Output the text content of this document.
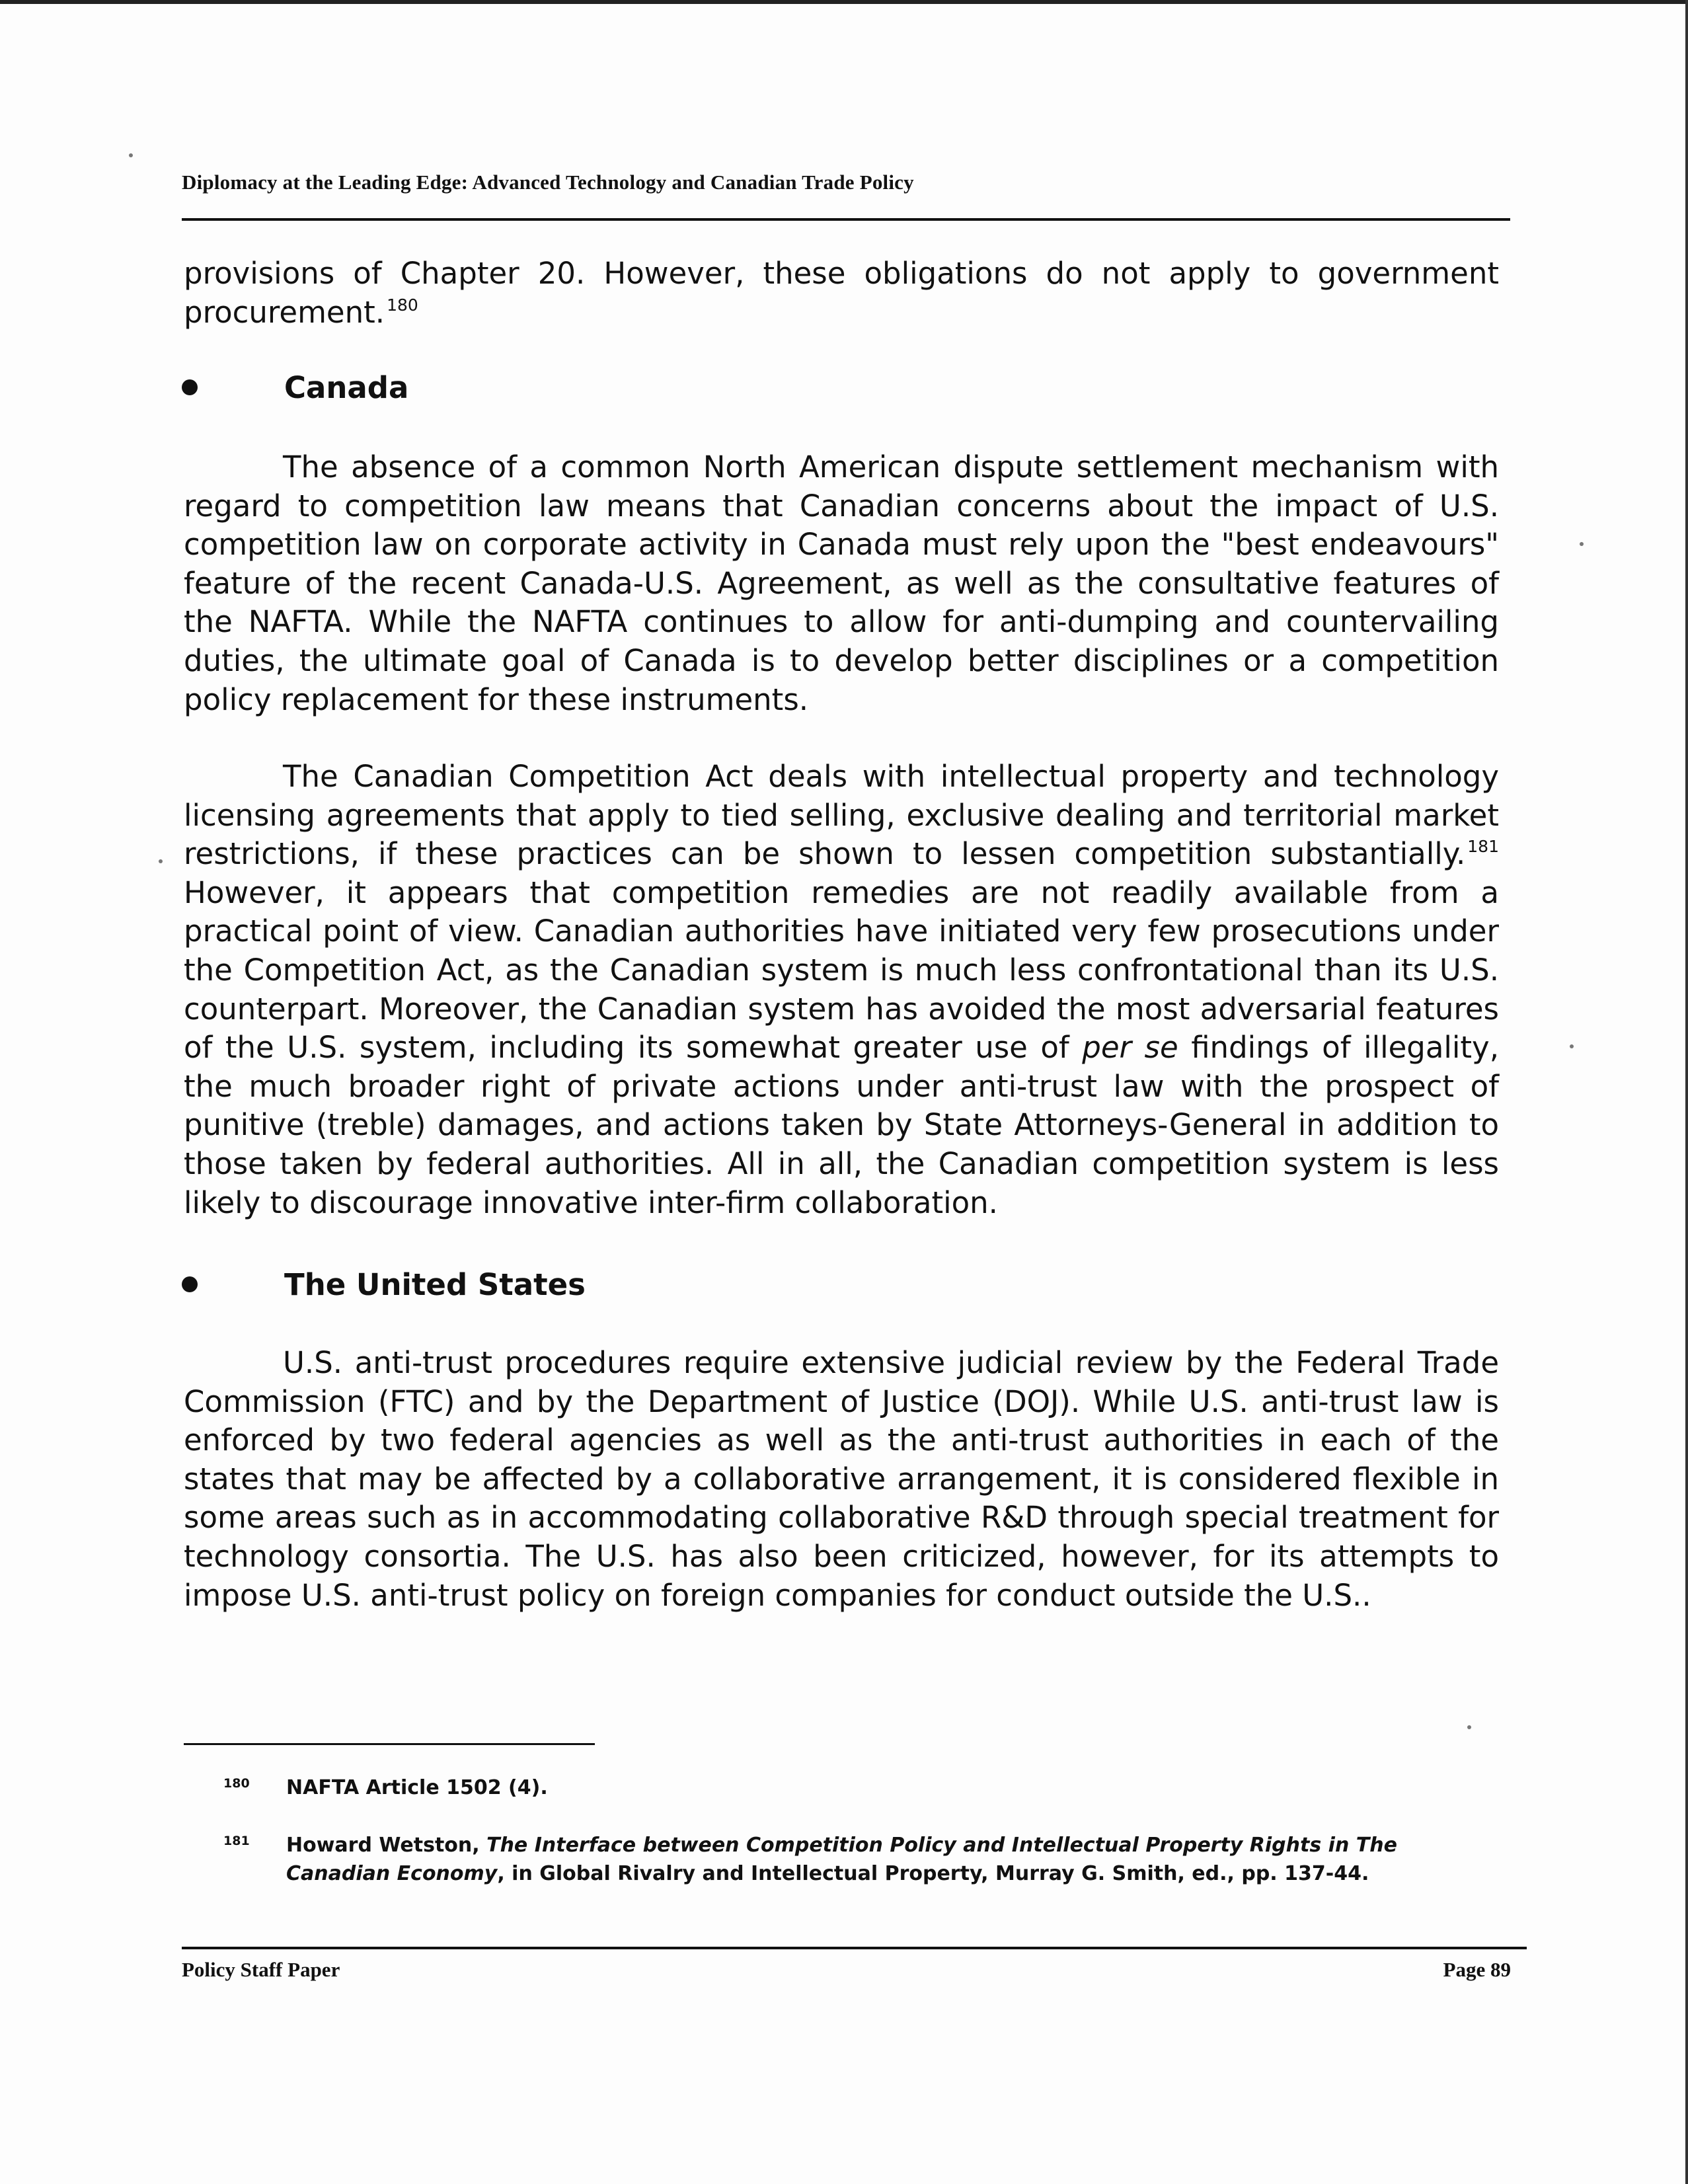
Diplomacy at the Leading Edge: Advanced Technology and Canadian Trade Policy

provisions of Chapter 20. However, these obligations do not apply to government procurement. $^{180}$

Canada

The absence of a common North American dispute settlement mechanism with regard to competition law means that Canadian concerns about the impact of U.S. competition law on corporate activity in Canada must rely upon the "best endeavours" feature of the recent Canada-U.S. Agreement, as well as the consultative features of the NAFTA. While the NAFTA continues to allow for anti-dumping and countervailing duties, the ultimate goal of Canada is to develop better disciplines or a competition policy replacement for these instruments.

The Canadian Competition Act deals with intellectual property and technology licensing agreements that apply to tied selling, exclusive dealing and territorial market restrictions, if these practices can be shown to lessen competition substantially. $^{181}$ However, it appears that competition remedies are not readily available from a practical point of view. Canadian authorities have initiated very few prosecutions under the Competition Act, as the Canadian system is much less confrontational than its U.S. counterpart. Moreover, the Canadian system has avoided the most adversarial features of the U.S. system, including its somewhat greater use of per se findings of illegality, the much broader right of private actions under anti-trust law with the prospect of punitive (treble) damages, and actions taken by State Attorneys-General in addition to those taken by federal authorities. All in all, the Canadian competition system is less likely to discourage innovative inter-firm collaboration.

The United States

U.S. anti-trust procedures require extensive judicial review by the Federal Trade Commission (FTC) and by the Department of Justice (DOJ). While U.S. anti-trust law is enforced by two federal agencies as well as the anti-trust authorities in each of the states that may be affected by a collaborative arrangement, it is considered flexible in some areas such as in accommodating collaborative R&D through special treatment for technology consortia. The U.S. has also been criticized, however, for its attempts to impose U.S. anti-trust policy on foreign companies for conduct outside the U.S..

180 NAFTA Article 1502 (4).
181 Howard Wetston, The Interface between Competition Policy and Intellectual Property Rights in The Canadian Economy, in Global Rivalry and Intellectual Property, Murray G. Smith, ed., pp. 137-44.
Policy Staff Paper	Page 89
